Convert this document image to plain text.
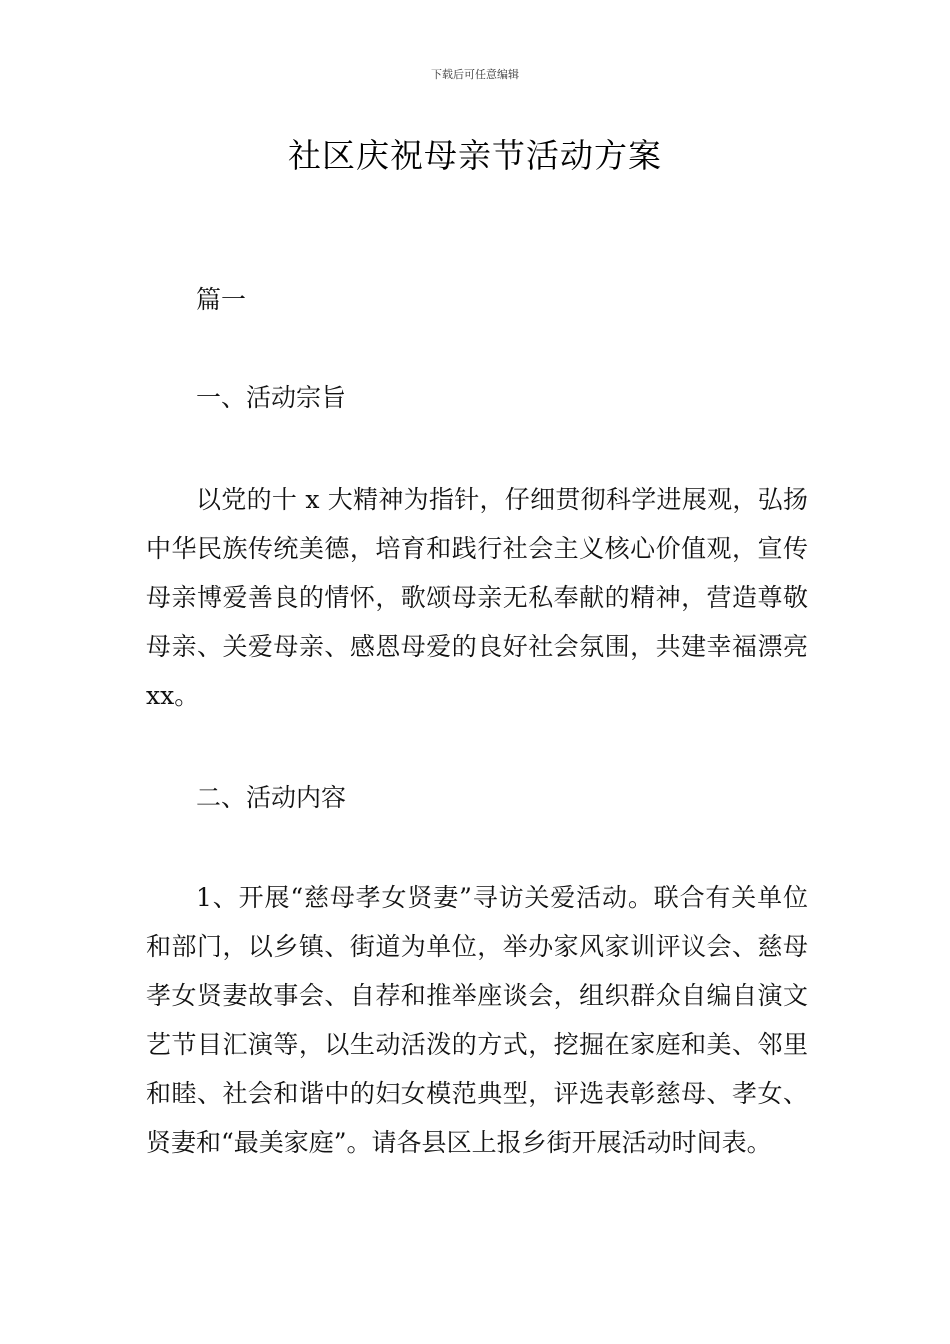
下载后可任意编辑
社区庆祝母亲节活动方案
篇一
一、活动宗旨

以党的十 x 大精神为指针，仔细贯彻科学进展观，弘扬中华民族传统美德，培育和践行社会主义核心价值观，宣传母亲博爱善良的情怀，歌颂母亲无私奉献的精神，营造尊敬母亲、关爱母亲、感恩母爱的良好社会氛围，共建幸福漂亮 xx。

二、活动内容

1、开展“慈母孝女贤妻”寻访关爱活动。联合有关单位和部门，以乡镇、街道为单位，举办家风家训评议会、慈母孝女贤妻故事会、自荐和推举座谈会，组织群众自编自演文艺节目汇演等，以生动活泼的方式，挖掘在家庭和美、邻里和睦、社会和谐中的妇女模范典型，评选表彰慈母、孝女、贤妻和“最美家庭”。请各县区上报乡街开展活动时间表。
